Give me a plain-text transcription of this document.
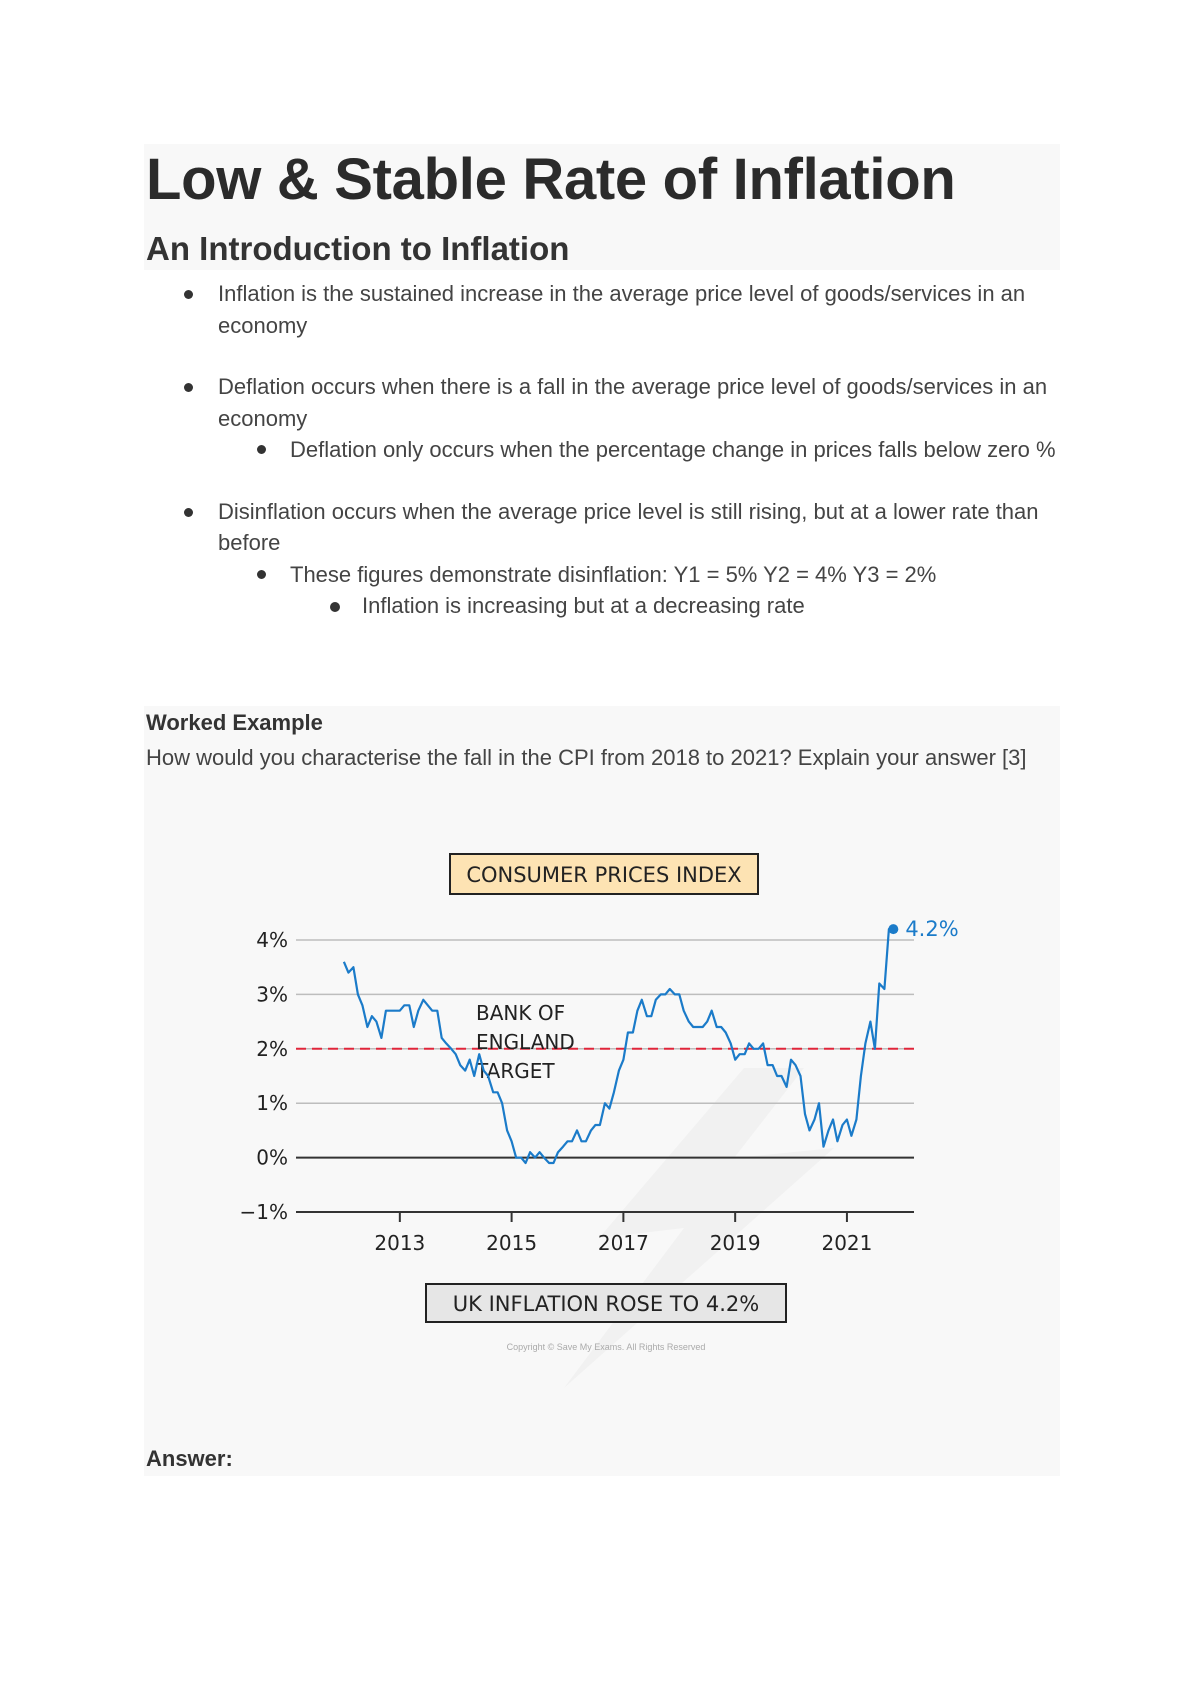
Low & Stable Rate of Inflation
An Introduction to Inflation
Inflation is the sustained increase in the average price level of goods/services in an economy
Deflation occurs when there is a fall in the average price level of goods/services in an economy
Deflation only occurs when the percentage change in prices falls below zero %
Disinflation occurs when the average price level is still rising, but at a lower rate than before
These figures demonstrate disinflation: Y1 = 5% Y2 = 4% Y3 = 2%
Inflation is increasing but at a decreasing rate
Worked Example
How would you characterise the fall in the CPI from 2018 to 2021? Explain your answer [3]
CONSUMER PRICES INDEX
4%
3%
2%
1%
0%
−1%
2013	2015	2017	2019	2021
BANK OF
ENGLAND
TARGET
4.2%
UK INFLATION ROSE TO 4.2%
Copyright © Save My Exams. All Rights Reserved
Answer:
